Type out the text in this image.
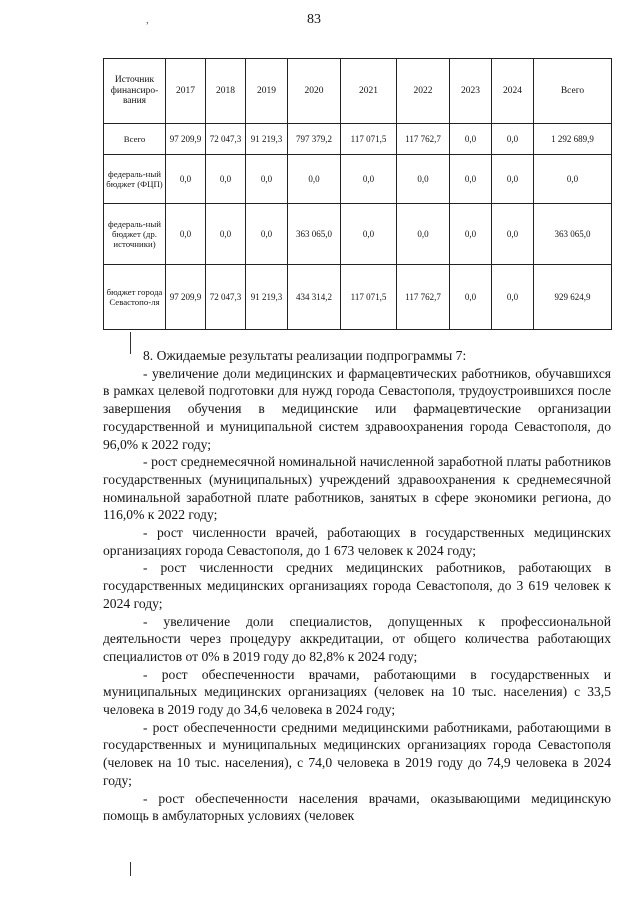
83
,
Источник финансиро-вания	2017	2018	2019	2020	2021	2022	2023	2024	Всего
Всего	97 209,9	72 047,3	91 219,3	797 379,2	117 071,5	117 762,7	0,0	0,0	1 292 689,9
федераль-ный бюджет (ФЦП)	0,0	0,0	0,0	0,0	0,0	0,0	0,0	0,0	0,0
федераль-ный бюджет (др. источники)	0,0	0,0	0,0	363 065,0	0,0	0,0	0,0	0,0	363 065,0
бюджет города Севастопо-ля	97 209,9	72 047,3	91 219,3	434 314,2	117 071,5	117 762,7	0,0	0,0	929 624,9

8. Ожидаемые результаты реализации подпрограммы 7:

- увеличение доли медицинских и фармацевтических работников, обучавшихся в рамках целевой подготовки для нужд города Севастополя, трудоустроившихся после завершения обучения в медицинские или фармацевтические организации государственной и муниципальной систем здравоохранения города Севастополя, до 96,0% к 2022 году;

- рост среднемесячной номинальной начисленной заработной платы работников государственных (муниципальных) учреждений здравоохранения к среднемесячной номинальной заработной плате работников, занятых в сфере экономики региона, до 116,0% к 2022 году;

- рост численности врачей, работающих в государственных медицинских организациях города Севастополя, до 1 673 человек к 2024 году;

- рост численности средних медицинских работников, работающих в государственных медицинских организациях города Севастополя, до 3 619 человек к 2024 году;

- увеличение доли специалистов, допущенных к профессиональной деятельности через процедуру аккредитации, от общего количества работающих специалистов от 0% в 2019 году до 82,8% к 2024 году;

- рост обеспеченности врачами, работающими в государственных и муниципальных медицинских организациях (человек на 10 тыс. населения) с 33,5 человека в 2019 году до 34,6 человека в 2024 году;

- рост обеспеченности средними медицинскими работниками, работающими в государственных и муниципальных медицинских организациях города Севастополя (человек на 10 тыс. населения), с 74,0 человека в 2019 году до 74,9 человека в 2024 году;

- рост обеспеченности населения врачами, оказывающими медицинскую помощь в амбулаторных условиях (человек
